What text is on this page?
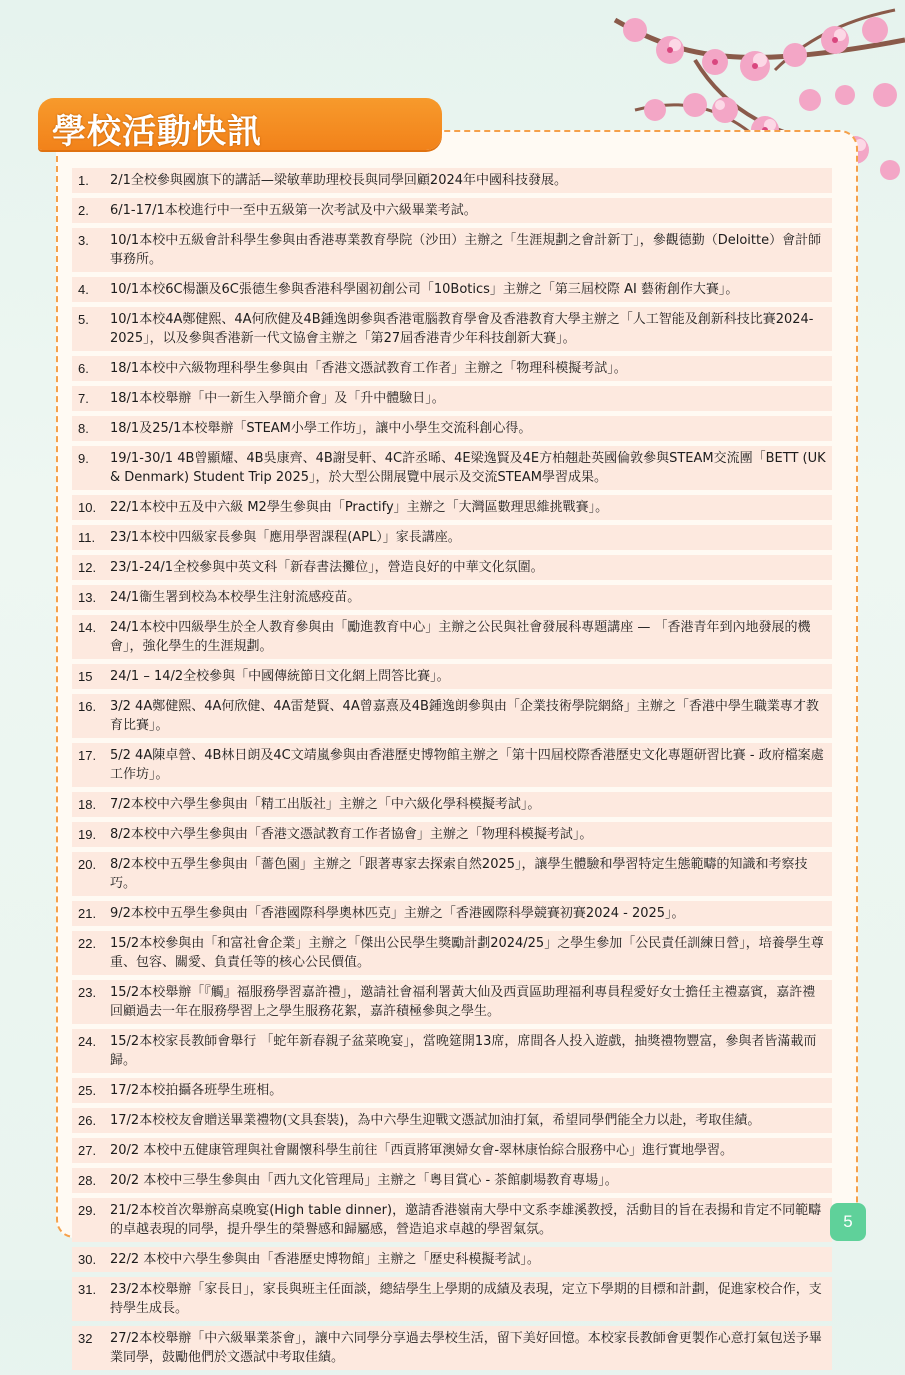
學校活動快訊
1.	2/1全校參與國旗下的講話—梁敏華助理校長與同學回顧2024年中國科技發展。
2.	6/1-17/1本校進行中一至中五級第一次考試及中六級畢業考試。
3.	10/1本校中五級會計科學生參與由香港專業教育學院（沙田）主辦之「生涯規劃之會計新丁」，參觀德勤（Deloitte）會計師事務所。
4.	10/1本校6C楊灝及6C張德生參與香港科學園初創公司「10Botics」主辦之「第三屆校際 AI 藝術創作大賽」。
5.	10/1本校4A鄭健熙、4A何欣健及4B鍾逸朗參與香港電腦教育學會及香港教育大學主辦之「人工智能及創新科技比賽2024-2025」，以及參與香港新一代文協會主辦之「第27屆香港青少年科技創新大賽」。
6.	18/1本校中六級物理科學生參與由「香港文憑試教育工作者」主辦之「物理科模擬考試」。
7.	18/1本校舉辦「中一新生入學簡介會」及「升中體驗日」。
8.	18/1及25/1本校舉辦「STEAM小學工作坊」，讓中小學生交流科創心得。
9.	19/1-30/1 4B曾顯耀、4B吳康齊、4B謝旻軒、4C許丞晞、4E梁逸賢及4E方柏翹赴英國倫敦參與STEAM交流團「BETT (UK & Denmark) Student Trip 2025」，於大型公開展覽中展示及交流STEAM學習成果。
10.	22/1本校中五及中六級 M2學生參與由「Practify」主辦之「大灣區數理思維挑戰賽」。
11.	23/1本校中四級家長參與「應用學習課程(APL）」家長講座。
12.	23/1-24/1全校參與中英文科「新春書法攤位」，營造良好的中華文化氛圍。
13.	24/1衞生署到校為本校學生注射流感疫苗。
14.	24/1本校中四級學生於全人教育參與由「勵進教育中心」主辦之公民與社會發展科專題講座 — 「香港青年到內地發展的機會」，強化學生的生涯規劃。
15	24/1 – 14/2全校參與「中國傳統節日文化網上問答比賽」。
16.	3/2 4A鄭健熙、4A何欣健、4A雷楚賢、4A曾嘉熹及4B鍾逸朗參與由「企業技術學院網絡」主辦之「香港中學生職業專才教育比賽」。
17.	5/2 4A陳卓營、4B林日朗及4C文靖嵐參與由香港歷史博物館主辦之「第十四屆校際香港歷史文化專題研習比賽 - 政府檔案處工作坊」。
18.	7/2本校中六學生參與由「精工出版社」主辦之「中六級化學科模擬考試」。
19.	8/2本校中六學生參與由「香港文憑試教育工作者協會」主辦之「物理科模擬考試」。
20.	8/2本校中五學生參與由「薔色園」主辦之「跟著專家去探索自然2025」，讓學生體驗和學習特定生態範疇的知識和考察技巧。
21.	9/2本校中五學生參與由「香港國際科學奧林匹克」主辦之「香港國際科學競賽初賽2024 - 2025」。
22.	15/2本校參與由「和富社會企業」主辦之「傑出公民學生獎勵計劃2024/25」之學生參加「公民責任訓練日營」，培養學生尊重、包容、關愛、負責任等的核心公民價值。
23.	15/2本校舉辦「『觸』福服務學習嘉許禮」，邀請社會福利署黃大仙及西貢區助理福利專員程愛好女士擔任主禮嘉賓，嘉許禮回顧過去一年在服務學習上之學生服務花絮，嘉許積極參與之學生。
24.	15/2本校家長教師會舉行 「蛇年新春親子盆菜晚宴」，當晚筵開13席，席間各人投入遊戲，抽獎禮物豐富，參與者皆滿載而歸。
25.	17/2本校拍攝各班學生班相。
26.	17/2本校校友會贈送畢業禮物(文具套裝)，為中六學生迎戰文憑試加油打氣，希望同學們能全力以赴，考取佳績。
27.	20/2 本校中五健康管理與社會關懷科學生前往「西貢將軍澳婦女會-翠林康怡綜合服務中心」進行實地學習。
28.	20/2 本校中三學生參與由「西九文化管理局」主辦之「粵目賞心 - 茶館劇場教育專場」。
29.	21/2本校首次舉辦高桌晚宴(High table dinner)，邀請香港嶺南大學中文系李雄溪教授，活動目的旨在表揚和肯定不同範疇的卓越表現的同學，提升學生的榮譽感和歸屬感，營造追求卓越的學習氣氛。
30.	22/2 本校中六學生參與由「香港歷史博物館」主辦之「歷史科模擬考試」。
31.	23/2本校舉辦「家長日」，家長與班主任面談，總結學生上學期的成績及表現，定立下學期的目標和計劃，促進家校合作，支持學生成長。
32	27/2本校舉辦「中六級畢業茶會」，讓中六同學分享過去學校生活，留下美好回憶。本校家長教師會更製作心意打氣包送予畢業同學，鼓勵他們於文憑試中考取佳績。
5
